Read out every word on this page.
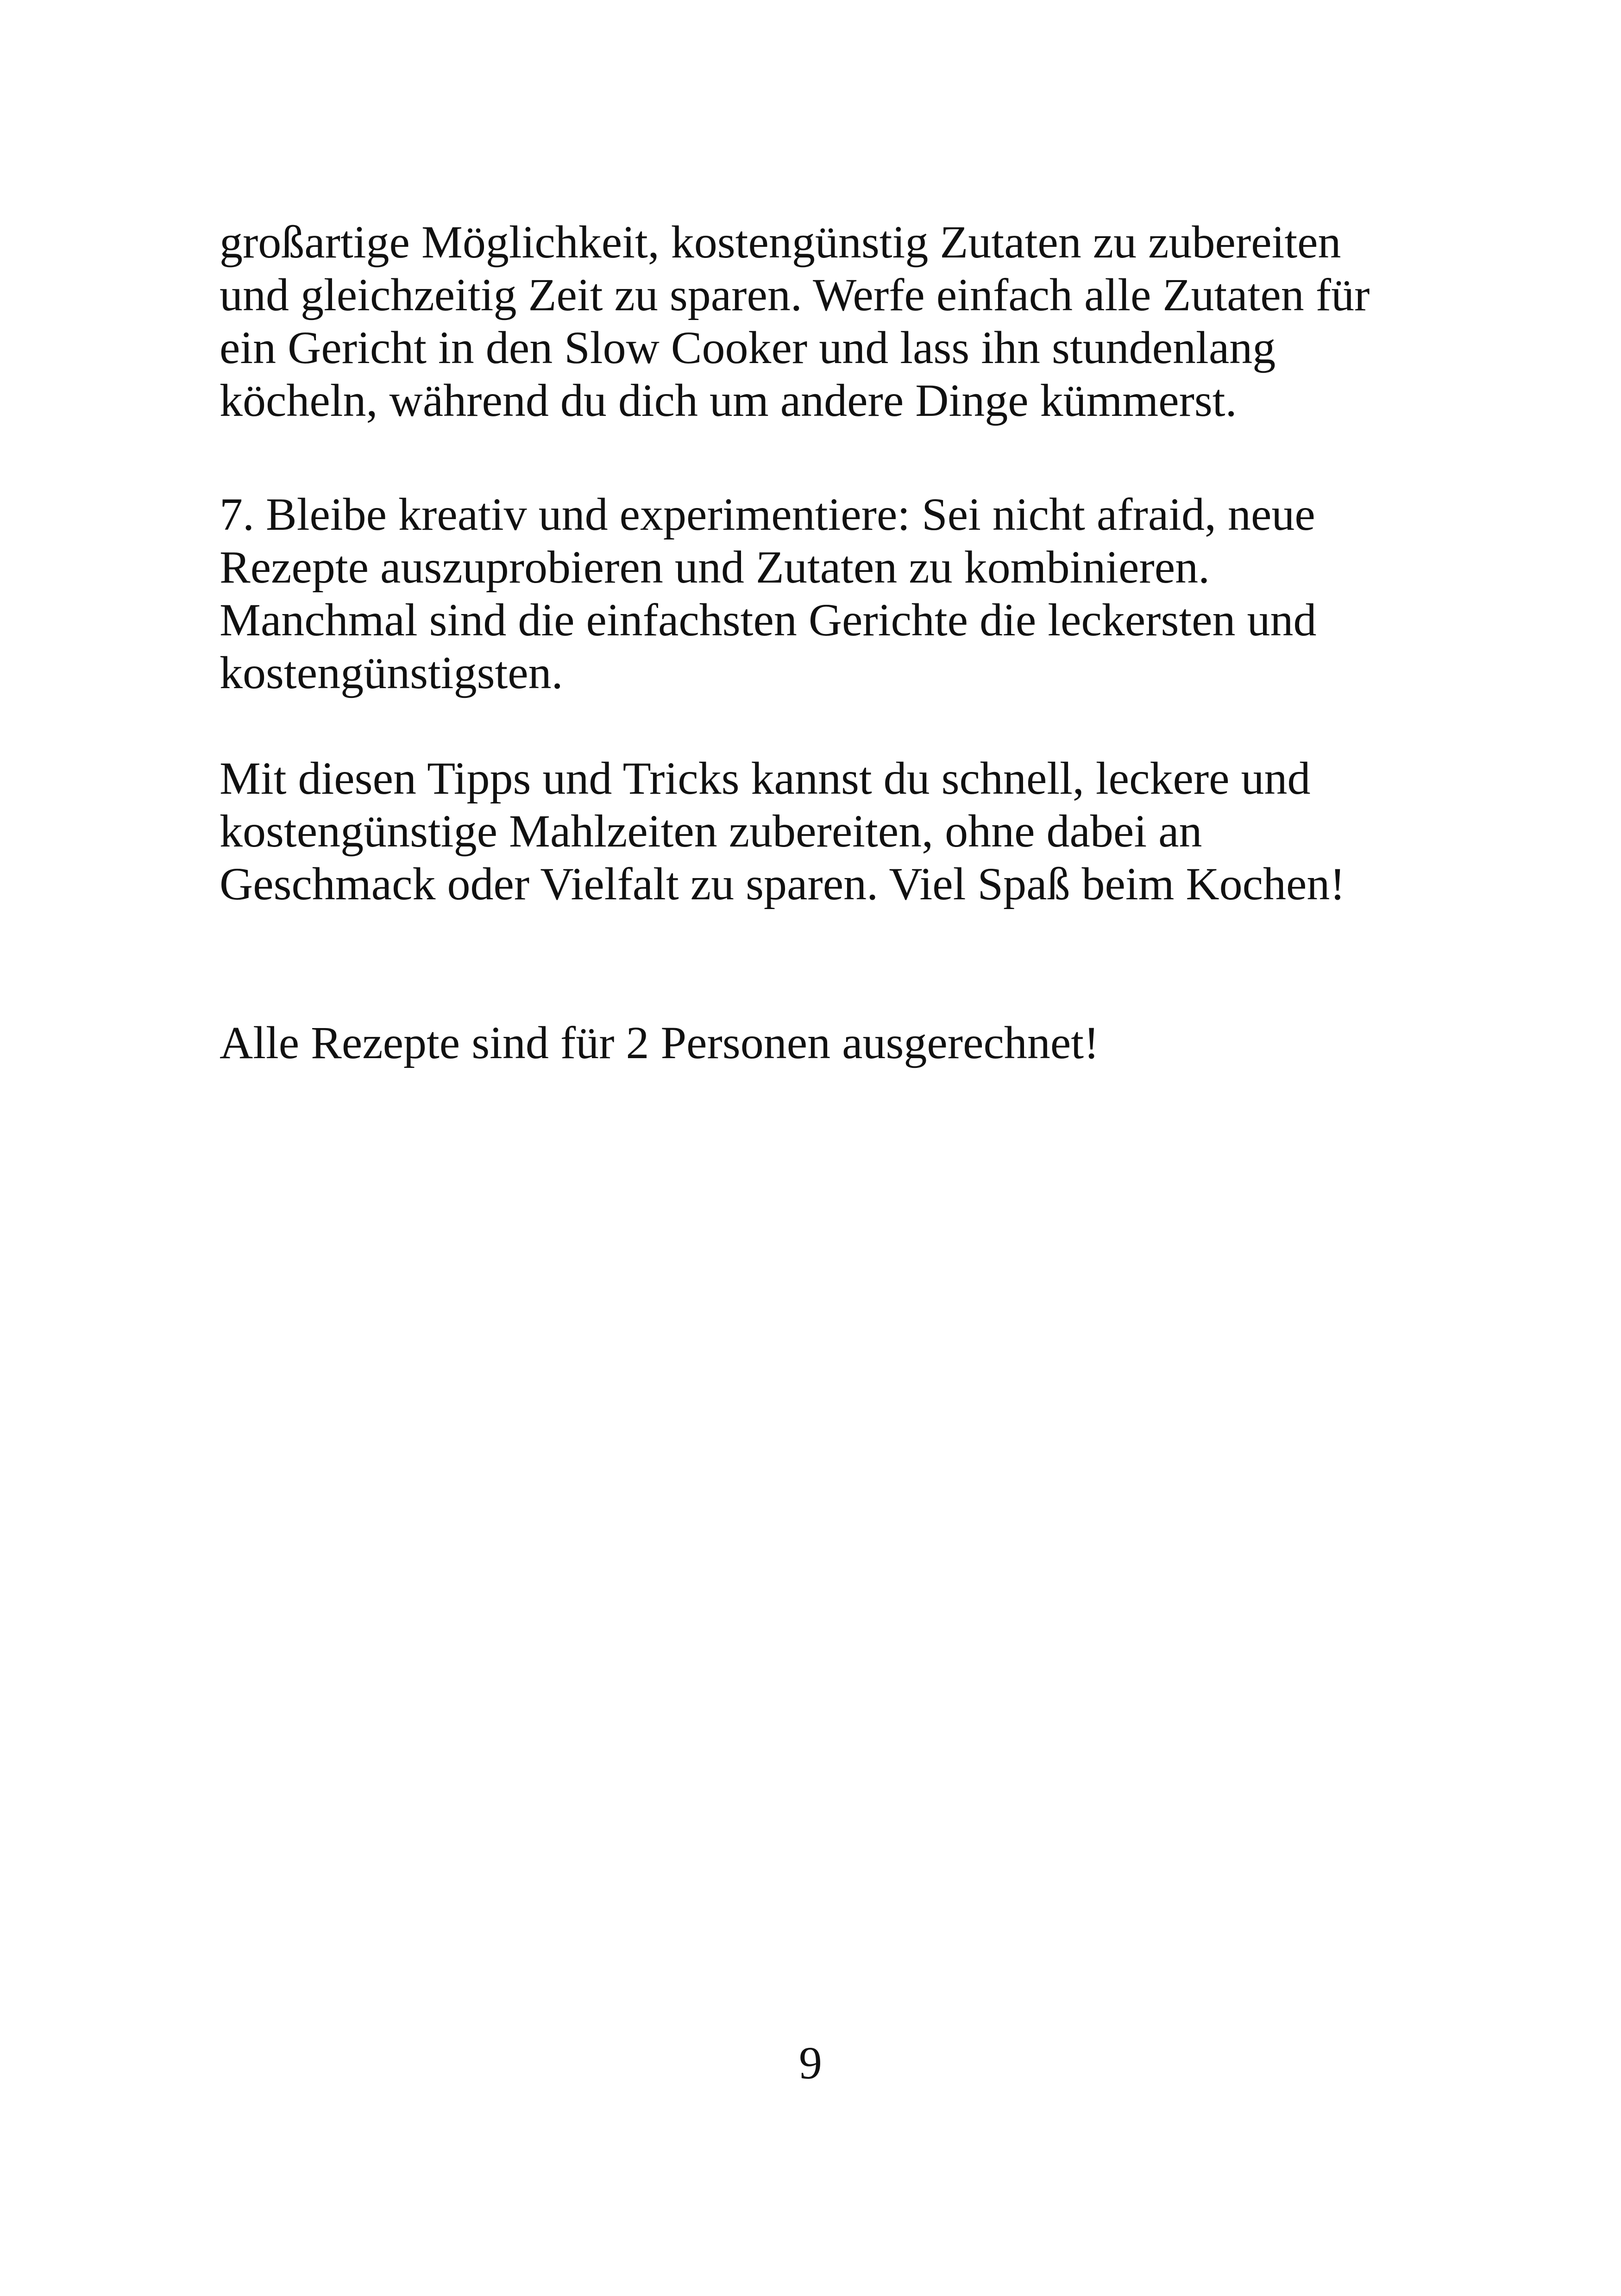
großartige Möglichkeit, kostengünstig Zutaten zu zubereiten
und gleichzeitig Zeit zu sparen. Werfe einfach alle Zutaten für
ein Gericht in den Slow Cooker und lass ihn stundenlang
köcheln, während du dich um andere Dinge kümmerst.
7. Bleibe kreativ und experimentiere: Sei nicht afraid, neue
Rezepte auszuprobieren und Zutaten zu kombinieren.
Manchmal sind die einfachsten Gerichte die leckersten und
kostengünstigsten.
Mit diesen Tipps und Tricks kannst du schnell, leckere und
kostengünstige Mahlzeiten zubereiten, ohne dabei an
Geschmack oder Vielfalt zu sparen. Viel Spaß beim Kochen!
Alle Rezepte sind für 2 Personen ausgerechnet!
9
